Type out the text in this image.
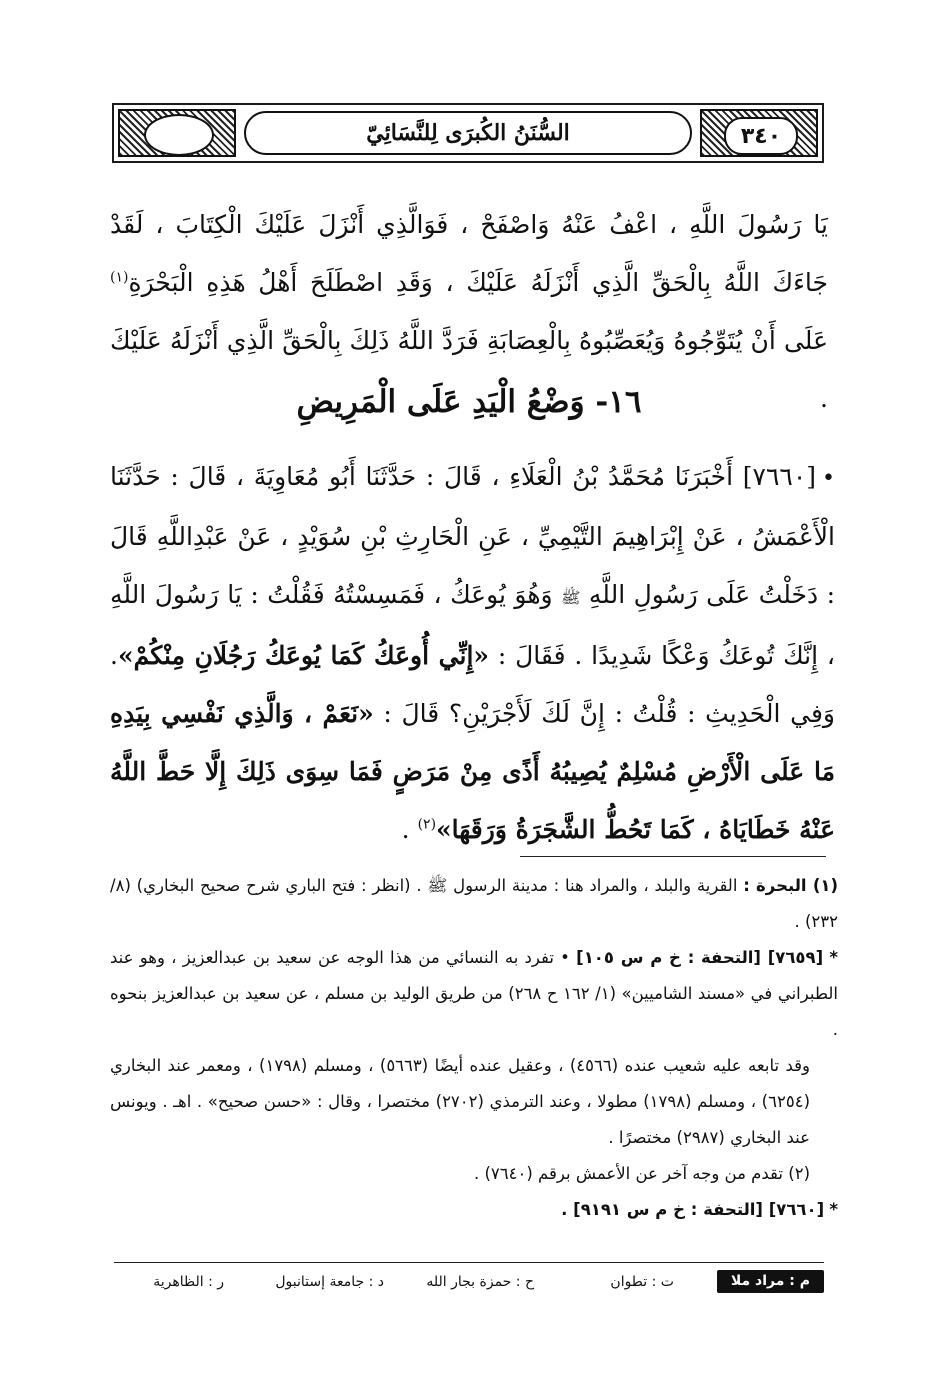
٣٤٠
السُّنَنُ الكُبرَى لِلنَّسَائِيّ
يَا رَسُولَ اللَّهِ ، اعْفُ عَنْهُ وَاصْفَحْ ، فَوَالَّذِي أَنْزَلَ عَلَيْكَ الْكِتَابَ ، لَقَدْ جَاءَكَ اللَّهُ بِالْحَقِّ الَّذِي أَنْزَلَهُ عَلَيْكَ ، وَقَدِ اصْطَلَحَ أَهْلُ هَذِهِ الْبَحْرَةِ$^{(١)}$ عَلَى أَنْ يُتَوِّجُوهُ وَيُعَصِّبُوهُ بِالْعِصَابَةِ فَرَدَّ اللَّهُ ذَلِكَ بِالْحَقِّ الَّذِي أَنْزَلَهُ عَلَيْكَ .
١٦- وَضْعُ الْيَدِ عَلَى الْمَرِيضِ
•[٧٦٦٠] أَخْبَرَنَا مُحَمَّدُ بْنُ الْعَلَاءِ ، قَالَ : حَدَّثَنَا أَبُو مُعَاوِيَةَ ، قَالَ : حَدَّثَنَا الْأَعْمَشُ ، عَنْ إِبْرَاهِيمَ التَّيْمِيِّ ، عَنِ الْحَارِثِ بْنِ سُوَيْدٍ ، عَنْ عَبْدِاللَّهِ قَالَ : دَخَلْتُ عَلَى رَسُولِ اللَّهِ ﷺ وَهُوَ يُوعَكُ ، فَمَسِسْتُهُ فَقُلْتُ : يَا رَسُولَ اللَّهِ ، إِنَّكَ تُوعَكُ وَعْكًا شَدِيدًا . فَقَالَ : «إِنِّي أُوعَكُ كَمَا يُوعَكُ رَجُلَانِ مِنْكُمْ». وَفِي الْحَدِيثِ : قُلْتُ : إِنَّ لَكَ لَأَجْرَيْنِ؟ قَالَ : «نَعَمْ ، وَالَّذِي نَفْسِي بِيَدِهِ مَا عَلَى الْأَرْضِ مُسْلِمٌ يُصِيبُهُ أَذًى مِنْ مَرَضٍ فَمَا سِوَى ذَلِكَ إِلَّا حَطَّ اللَّهُ عَنْهُ خَطَايَاهُ ، كَمَا تَحُطُّ الشَّجَرَةُ وَرَقَهَا»$^{(٢)}$ .
(١) البحرة : القرية والبلد ، والمراد هنا : مدينة الرسول ﷺ . (انظر : فتح الباري شرح صحيح البخاري) (٨/ ٢٣٢) .
* [٧٦٥٩] [التحفة : خ م س ١٠٥] • تفرد به النسائي من هذا الوجه عن سعيد بن عبدالعزيز ، وهو عند الطبراني في «مسند الشاميين» (١/ ١٦٢ ح ٢٦٨) من طريق الوليد بن مسلم ، عن سعيد بن عبدالعزيز بنحوه .
وقد تابعه عليه شعيب عنده (٤٥٦٦) ، وعقيل عنده أيضًا (٥٦٦٣) ، ومسلم (١٧٩٨) ، ومعمر عند البخاري (٦٢٥٤) ، ومسلم (١٧٩٨) مطولا ، وعند الترمذي (٢٧٠٢) مختصرا ، وقال : «حسن صحيح» . اهـ . ويونس عند البخاري (٢٩٨٧) مختصرًا .
(٢) تقدم من وجه آخر عن الأعمش برقم (٧٦٤٠) .
* [٧٦٦٠] [التحفة : خ م س ٩١٩١] .
م : مراد ملا
ت : تطوان
ح : حمزة بجار الله
د : جامعة إستانبول
ر : الظاهرية
